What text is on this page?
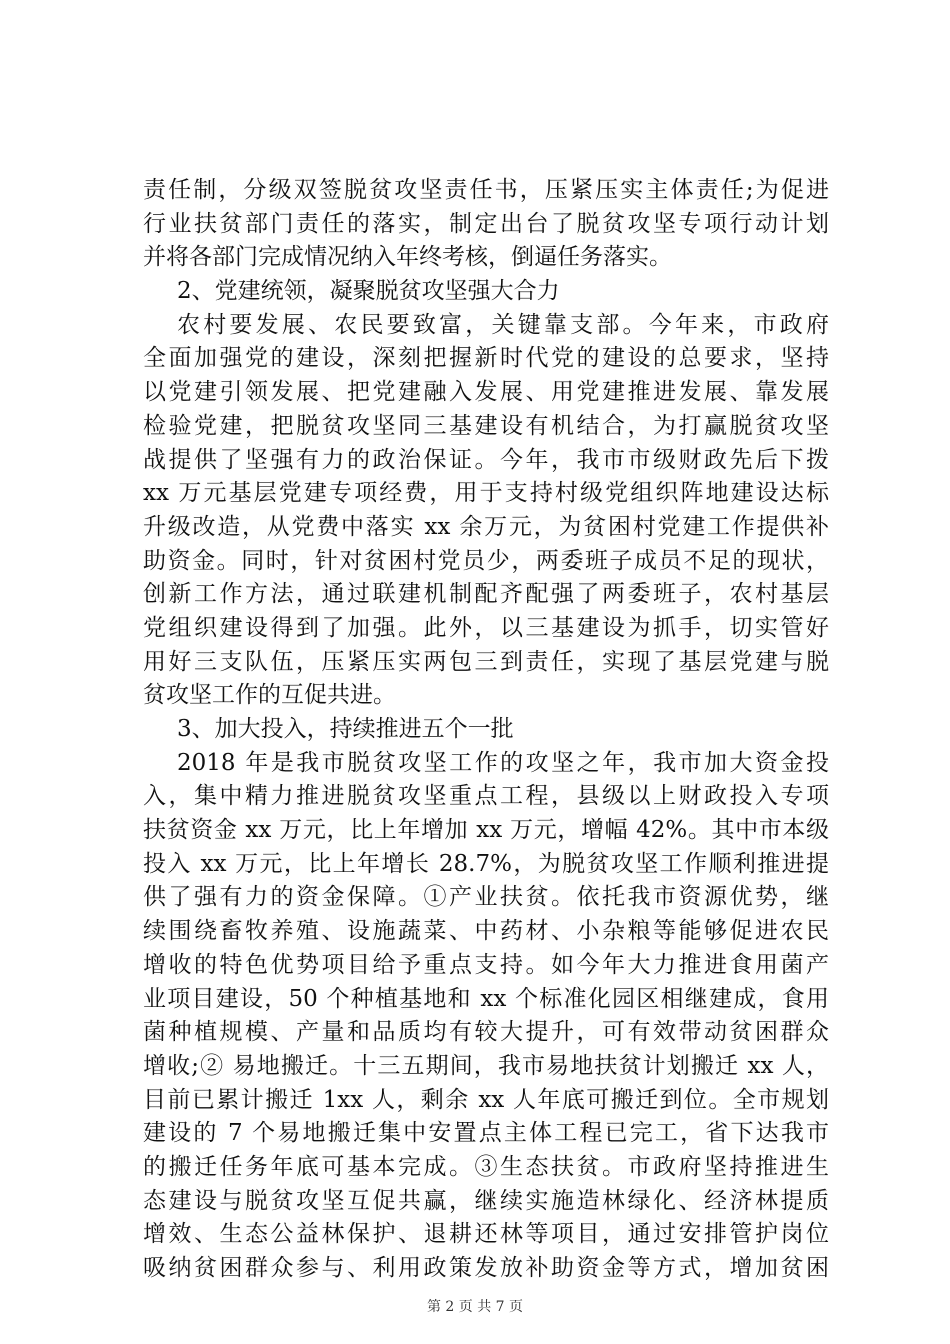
责任制，分级双签脱贫攻坚责任书，压紧压实主体责任;为促进
行业扶贫部门责任的落实，制定出台了脱贫攻坚专项行动计划
并将各部门完成情况纳入年终考核，倒逼任务落实。
2、党建统领，凝聚脱贫攻坚强大合力
农村要发展、农民要致富，关键靠支部。今年来，市政府
全面加强党的建设，深刻把握新时代党的建设的总要求，坚持
以党建引领发展、把党建融入发展、用党建推进发展、靠发展
检验党建，把脱贫攻坚同三基建设有机结合，为打赢脱贫攻坚
战提供了坚强有力的政治保证。今年，我市市级财政先后下拨
xx 万元基层党建专项经费，用于支持村级党组织阵地建设达标
升级改造，从党费中落实 xx 余万元，为贫困村党建工作提供补
助资金。同时，针对贫困村党员少，两委班子成员不足的现状，
创新工作方法，通过联建机制配齐配强了两委班子，农村基层
党组织建设得到了加强。此外，以三基建设为抓手，切实管好
用好三支队伍，压紧压实两包三到责任，实现了基层党建与脱
贫攻坚工作的互促共进。
3、加大投入，持续推进五个一批
2018 年是我市脱贫攻坚工作的攻坚之年，我市加大资金投
入，集中精力推进脱贫攻坚重点工程，县级以上财政投入专项
扶贫资金 xx 万元，比上年增加 xx 万元，增幅 42%。其中市本级
投入 xx 万元，比上年增长 28.7%，为脱贫攻坚工作顺利推进提
供了强有力的资金保障。①产业扶贫。依托我市资源优势，继
续围绕畜牧养殖、设施蔬菜、中药材、小杂粮等能够促进农民
增收的特色优势项目给予重点支持。如今年大力推进食用菌产
业项目建设，50 个种植基地和 xx 个标准化园区相继建成，食用
菌种植规模、产量和品质均有较大提升，可有效带动贫困群众
增收;② 易地搬迁。十三五期间，我市易地扶贫计划搬迁 xx 人，
目前已累计搬迁 1xx 人，剩余 xx 人年底可搬迁到位。全市规划
建设的 7 个易地搬迁集中安置点主体工程已完工，省下达我市
的搬迁任务年底可基本完成。③生态扶贫。市政府坚持推进生
态建设与脱贫攻坚互促共赢，继续实施造林绿化、经济林提质
增效、生态公益林保护、退耕还林等项目，通过安排管护岗位
吸纳贫困群众参与、利用政策发放补助资金等方式，增加贫困
第 2 页 共 7 页
